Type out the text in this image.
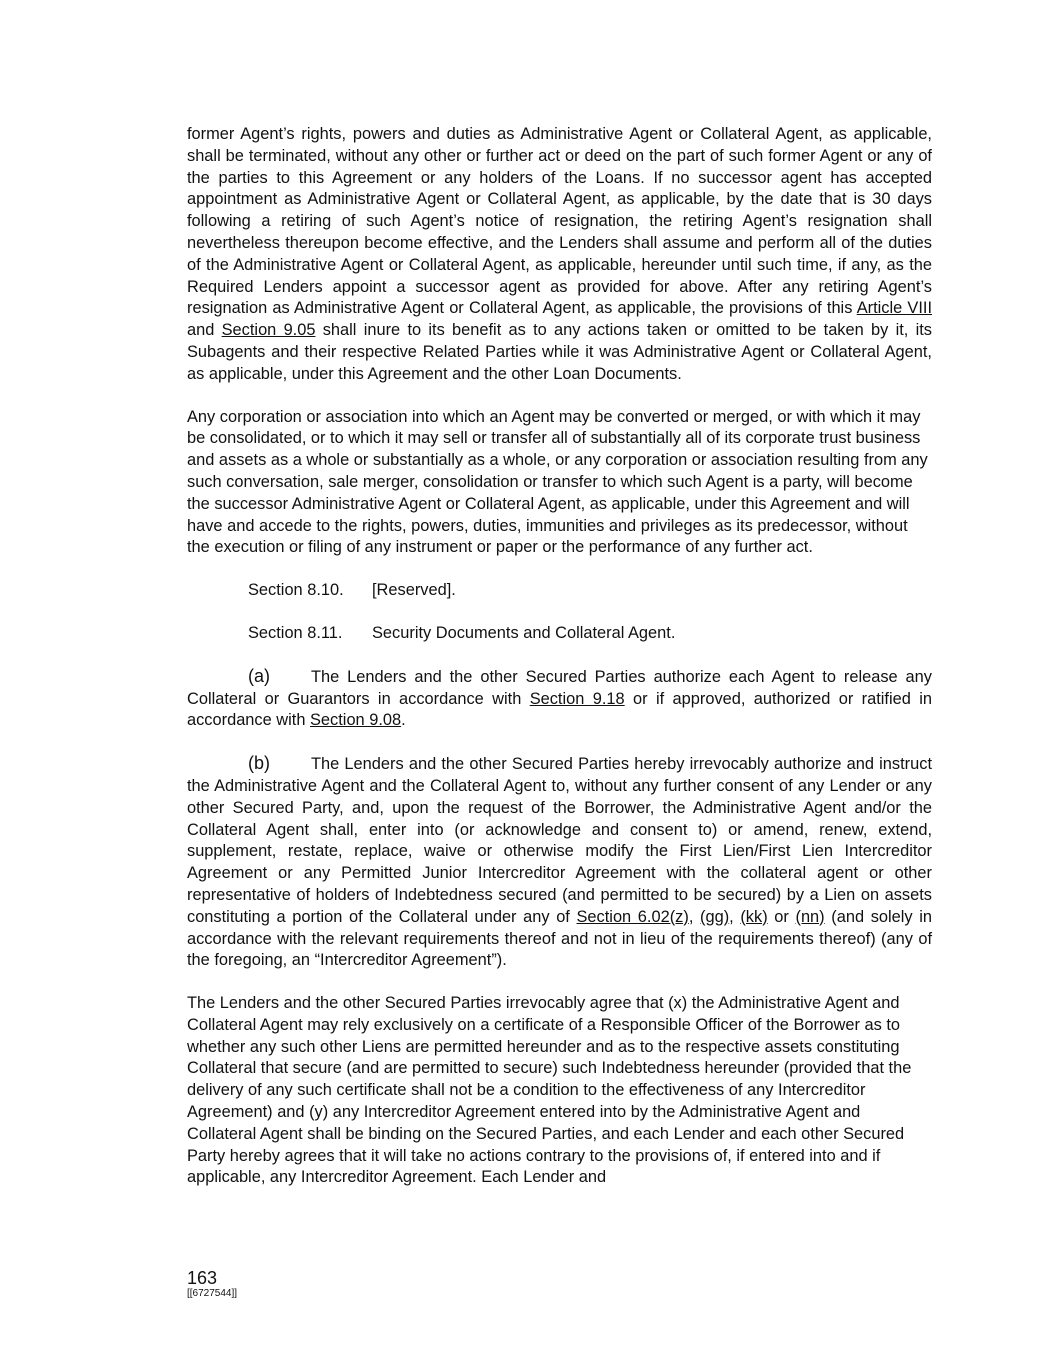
former Agent’s rights, powers and duties as Administrative Agent or Collateral Agent, as applicable, shall be terminated, without any other or further act or deed on the part of such former Agent or any of the parties to this Agreement or any holders of the Loans. If no successor agent has accepted appointment as Administrative Agent or Collateral Agent, as applicable, by the date that is 30 days following a retiring of such Agent’s notice of resignation, the retiring Agent’s resignation shall nevertheless thereupon become effective, and the Lenders shall assume and perform all of the duties of the Administrative Agent or Collateral Agent, as applicable, hereunder until such time, if any, as the Required Lenders appoint a successor agent as provided for above. After any retiring Agent’s resignation as Administrative Agent or Collateral Agent, as applicable, the provisions of this Article VIII and Section 9.05 shall inure to its benefit as to any actions taken or omitted to be taken by it, its Subagents and their respective Related Parties while it was Administrative Agent or Collateral Agent, as applicable, under this Agreement and the other Loan Documents.

Any corporation or association into which an Agent may be converted or merged, or with which it may be consolidated, or to which it may sell or transfer all of substantially all of its corporate trust business and assets as a whole or substantially as a whole, or any corporation or association resulting from any such conversation, sale merger, consolidation or transfer to which such Agent is a party, will become the successor Administrative Agent or Collateral Agent, as applicable, under this Agreement and will have and accede to the rights, powers, duties, immunities and privileges as its predecessor, without the execution or filing of any instrument or paper or the performance of any further act.

Section 8.10. [Reserved].
Section 8.11. Security Documents and Collateral Agent.

(a)	The Lenders and the other Secured Parties authorize each Agent to release any Collateral or Guarantors in accordance with Section 9.18 or if approved, authorized or ratified in accordance with Section 9.08.

(b)	The Lenders and the other Secured Parties hereby irrevocably authorize and instruct the Administrative Agent and the Collateral Agent to, without any further consent of any Lender or any other Secured Party, and, upon the request of the Borrower, the Administrative Agent and/or the Collateral Agent shall, enter into (or acknowledge and consent to) or amend, renew, extend, supplement, restate, replace, waive or otherwise modify the First Lien/First Lien Intercreditor Agreement or any Permitted Junior Intercreditor Agreement with the collateral agent or other representative of holders of Indebtedness secured (and permitted to be secured) by a Lien on assets constituting a portion of the Collateral under any of Section 6.02(z), (gg), (kk) or (nn) (and solely in accordance with the relevant requirements thereof and not in lieu of the requirements thereof) (any of the foregoing, an “Intercreditor Agreement”).

The Lenders and the other Secured Parties irrevocably agree that (x) the Administrative Agent and Collateral Agent may rely exclusively on a certificate of a Responsible Officer of the Borrower as to whether any such other Liens are permitted hereunder and as to the respective assets constituting Collateral that secure (and are permitted to secure) such Indebtedness hereunder (provided that the delivery of any such certificate shall not be a condition to the effectiveness of any Intercreditor Agreement) and (y) any Intercreditor Agreement entered into by the Administrative Agent and Collateral Agent shall be binding on the Secured Parties, and each Lender and each other Secured Party hereby agrees that it will take no actions contrary to the provisions of, if entered into and if applicable, any Intercreditor Agreement. Each Lender and

163
[[6727544]]
